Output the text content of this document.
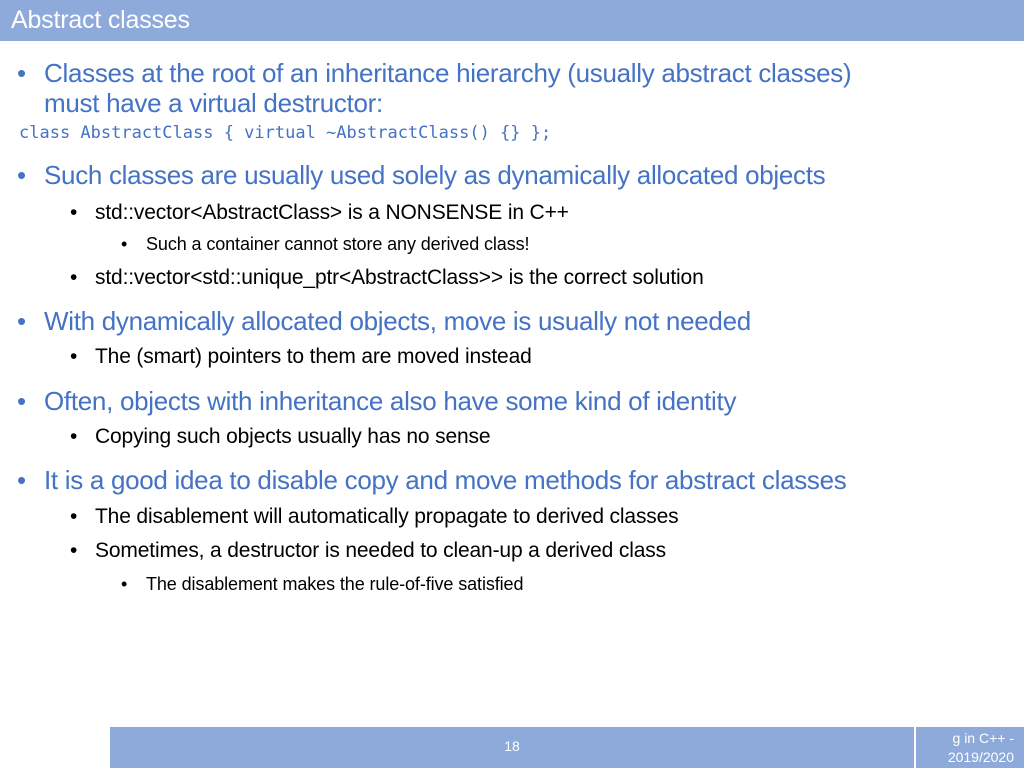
Abstract classes
• Classes at the root of an inheritance hierarchy (usually abstract classes)
must have a virtual destructor:
class AbstractClass { virtual ~AbstractClass() {} };
• Such classes are usually used solely as dynamically allocated objects
• std::vector<AbstractClass> is a NONSENSE in C++
• Such a container cannot store any derived class!
• std::vector<std::unique_ptr<AbstractClass>> is the correct solution
• With dynamically allocated objects, move is usually not needed
• The (smart) pointers to them are moved instead
• Often, objects with inheritance also have some kind of identity
• Copying such objects usually has no sense
• It is a good idea to disable copy and move methods for abstract classes
• The disablement will automatically propagate to derived classes
• Sometimes, a destructor is needed to clean-up a derived class
• The disablement makes the rule-of-five satisfied
18	g in C++ -
2019/2020
